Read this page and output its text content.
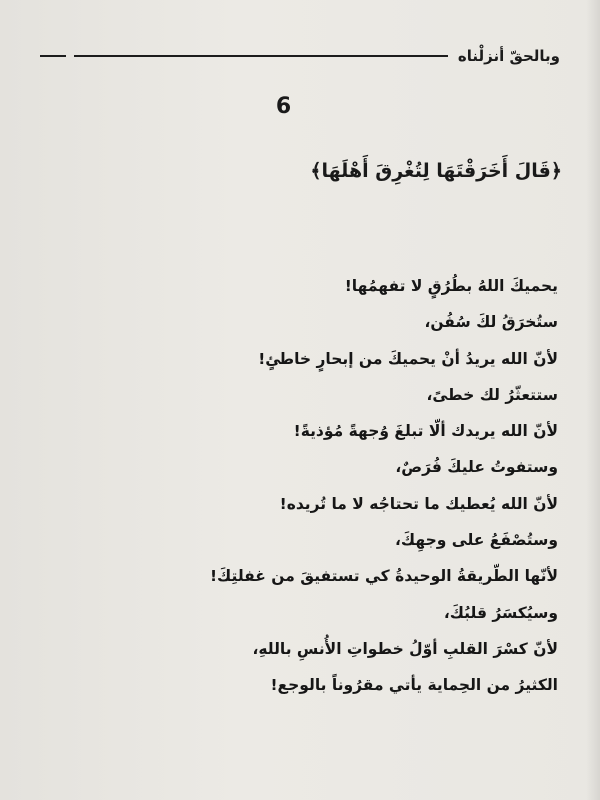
وبالحقّ أنزلْناه
6
﴿قَالَ أَخَرَقْتَهَا لِتُغْرِقَ أَهْلَهَا﴾
يحميكَ اللهُ بطُرُقٍ لا تفهمُها!
ستُخرَقُ لكَ سُفُن،
لأنّ الله يريدُ أنْ يحميكَ من إبحارٍ خاطئٍ!
ستتعثّرُ لك خطىً،
لأنّ الله يريدك ألّا تبلغَ وُجهةً مُؤذيةً!
وستفوتُ عليكَ فُرَصٌ،
لأنّ الله يُعطيك ما تحتاجُه لا ما تُريده!
وستُصْفَعُ على وجهِكَ،
لأنّها الطّريقةُ الوحيدةُ كي تستفيقَ من غفلتِكَ!
وسيُكسَرُ قلبُكَ،
لأنّ كسْرَ القلبِ أوّلُ خطواتِ الأُنسِ باللهِ،
الكثيرُ من الحِماية يأتي مقرُوناً بالوجع!
